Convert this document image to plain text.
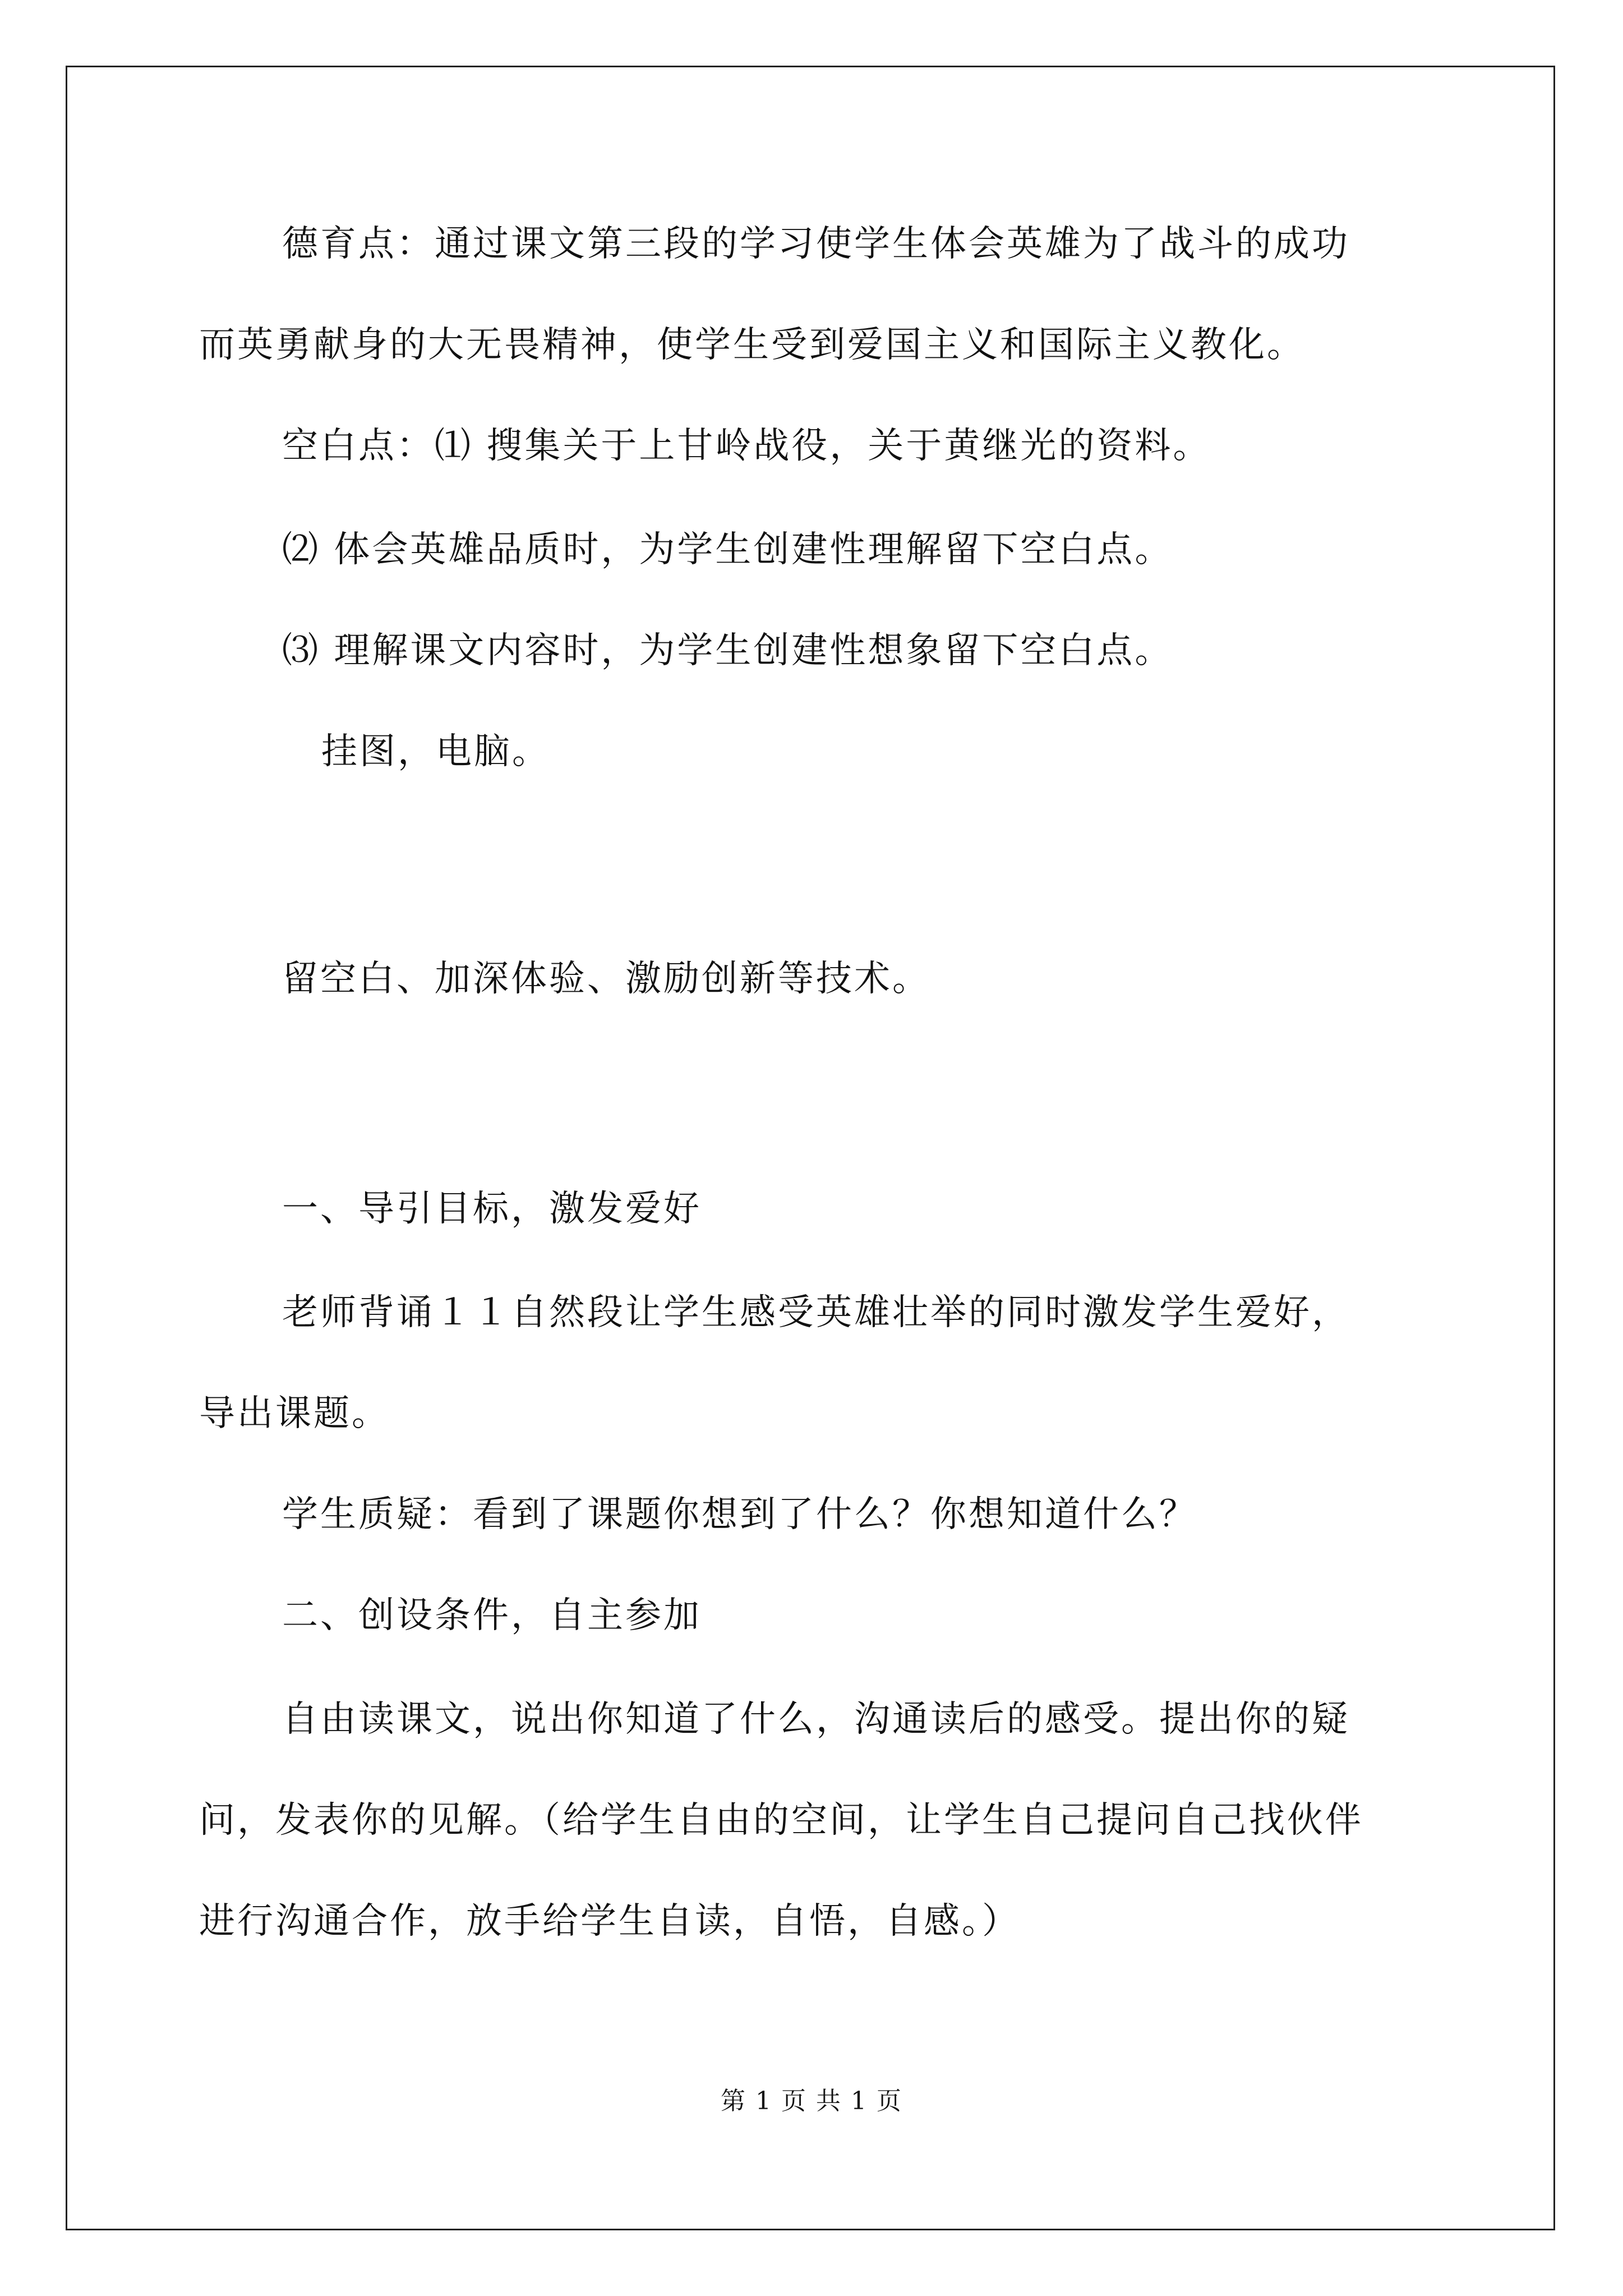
德育点：通过课文第三段的学习使学生体会英雄为了战斗的成功
而英勇献身的大无畏精神，使学生受到爱国主义和国际主义教化。
空白点：⑴ 搜集关于上甘岭战役，关于黄继光的资料。
⑵ 体会英雄品质时，为学生创建性理解留下空白点。
⑶ 理解课文内容时，为学生创建性想象留下空白点。
挂图，电脑。
留空白、加深体验、激励创新等技术。
一、导引目标，激发爱好
老师背诵１１自然段让学生感受英雄壮举的同时激发学生爱好，
导出课题。
学生质疑：看到了课题你想到了什么？你想知道什么？
二、创设条件，自主参加
自由读课文，说出你知道了什么，沟通读后的感受。提出你的疑
问，发表你的见解。（给学生自由的空间，让学生自己提问自己找伙伴
进行沟通合作，放手给学生自读，自悟，自感。）
第 1 页 共 1 页
